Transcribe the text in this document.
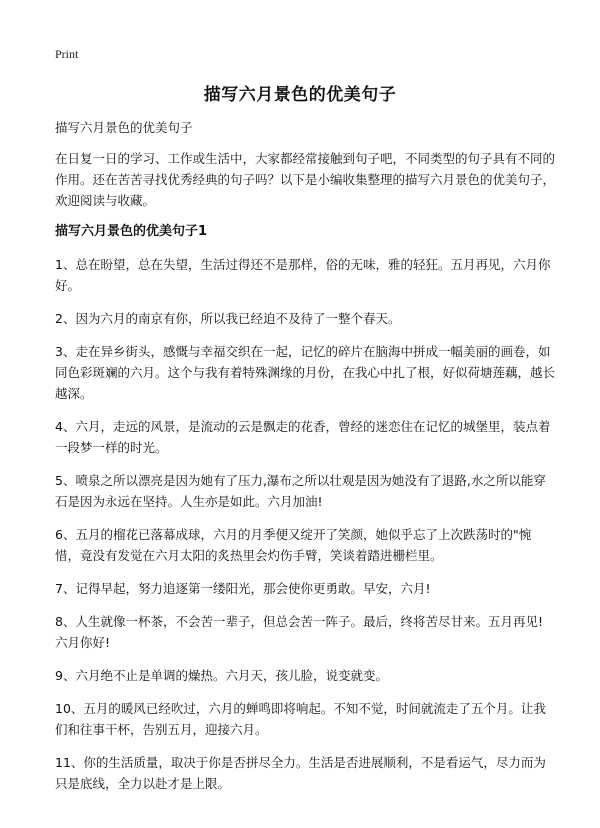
Print
描写六月景色的优美句子

描写六月景色的优美句子

在日复一日的学习、工作或生活中，大家都经常接触到句子吧，不同类型的句子具有不同的作用。还在苦苦寻找优秀经典的句子吗？以下是小编收集整理的描写六月景色的优美句子，欢迎阅读与收藏。

描写六月景色的优美句子1

1、总在盼望，总在失望，生活过得还不是那样，俗的无味，雅的轻狂。五月再见，六月你好。

2、因为六月的南京有你，所以我已经迫不及待了一整个春天。

3、走在异乡街头，感慨与幸福交织在一起，记忆的碎片在脑海中拼成一幅美丽的画卷，如同色彩斑斓的六月。这个与我有着特殊渊缘的月份，在我心中扎了根，好似荷塘莲藕，越长越深。

4、六月，走远的风景，是流动的云是飘走的花香，曾经的迷恋住在记忆的城堡里，装点着一段梦一样的时光。

5、喷泉之所以漂亮是因为她有了压力,瀑布之所以壮观是因为她没有了退路,水之所以能穿石是因为永远在坚持。人生亦是如此。六月加油!

6、五月的榴花已落幕成球，六月的月季便又绽开了笑颜，她似乎忘了上次跌荡时的"惋惜，竟没有发觉在六月太阳的炙热里会灼伤手臂，笑谈着踏进栅栏里。

7、记得早起，努力追逐第一缕阳光，那会使你更勇敢。早安，六月!

8、人生就像一杯茶，不会苦一辈子，但总会苦一阵子。最后，终将苦尽甘来。五月再见!六月你好!

9、六月绝不止是单调的燥热。六月天，孩儿脸，说变就变。

10、五月的暖风已经吹过，六月的蝉鸣即将响起。不知不觉，时间就流走了五个月。让我们和往事干杯，告别五月，迎接六月。

11、你的生活质量，取决于你是否拼尽全力。生活是否进展顺利，不是看运气，尽力而为只是底线，全力以赴才是上限。
